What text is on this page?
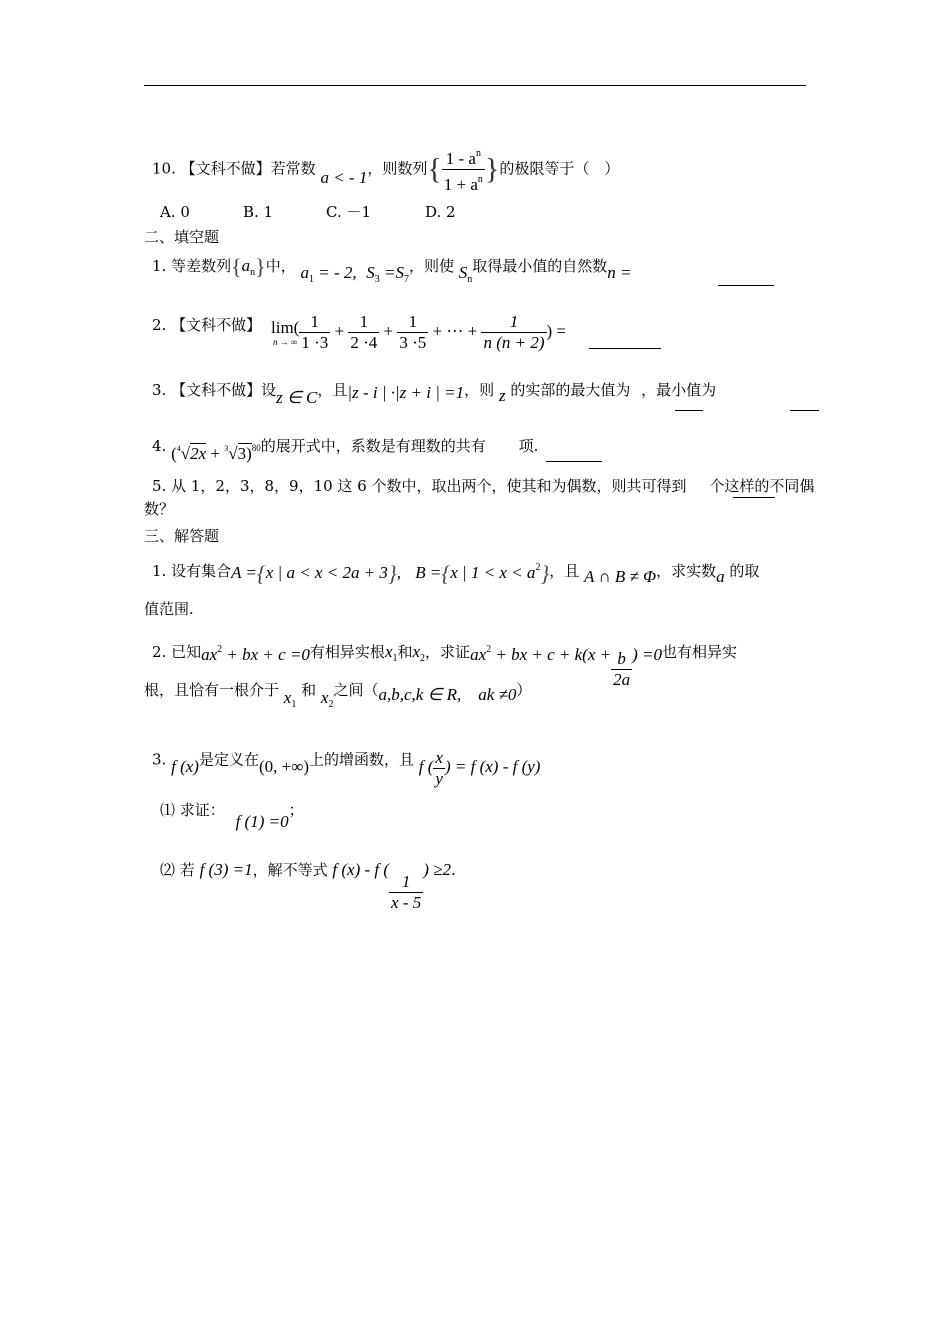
10. 【文科不做】若常数 a < - 1，则数列{ $\frac{1 - a^n}{1 + a^n}$ }的极限等于（　）
A. 0	B. 1	C. －1	D. 2
二、填空题
1. 等差数列$\{a_n\}$中， $a_1$ = - 2, $S_3 =S_7$，则使 $S_n$取得最小值的自然数n =
2. 【文科不做】 lim(
n → ∞ $\frac{1}{1 \cdot 3} + \frac{1}{2 \cdot 4} + \frac{1}{3 \cdot 5}$ + ··· + $\frac{1}{n (n + 2)}$ ) =
3. 【文科不做】设z ∈ C，且|z - i | ·|z + i | =1，则 z 的实部的最大值为 ，最小值为
4. $(^4√2x + ^3√3)^{80}$的展开式中，系数是有理数的共有 项.
5. 从 1，2，3，8，9，10 这 6 个数中，取出两个，使其和为偶数，则共可得到 个这样的不同偶
数？
三、解答题
1. 设有集合A ={x | a < x < 2a + 3}, B ={x | $1 < x < a^2$}，且 A ∩ B ≠ Φ，求实数a 的取
值范围.
2. 已知$ax^2$ + bx + c =0有相异实根$x_1$和$x_2$，求证$ax^2$ + bx + $c + k(x + \frac{b}{2a}$ ) =0也有相异实
根，且恰有一根介于 $x_1$ 和 $x_2$之间（a,b,c,k ∈ R,　ak ≠0）
3. f (x)是定义在(0, +∞)上的增函数，且 f ( $\frac{x}{y}$ ) = f (x) - f (y)
⑴ 求证： f (1) =0；
⑵ 若 f (3) =1，解不等式 f (x) - f (
$\frac{1}{x - 5}$
) ≥2.
